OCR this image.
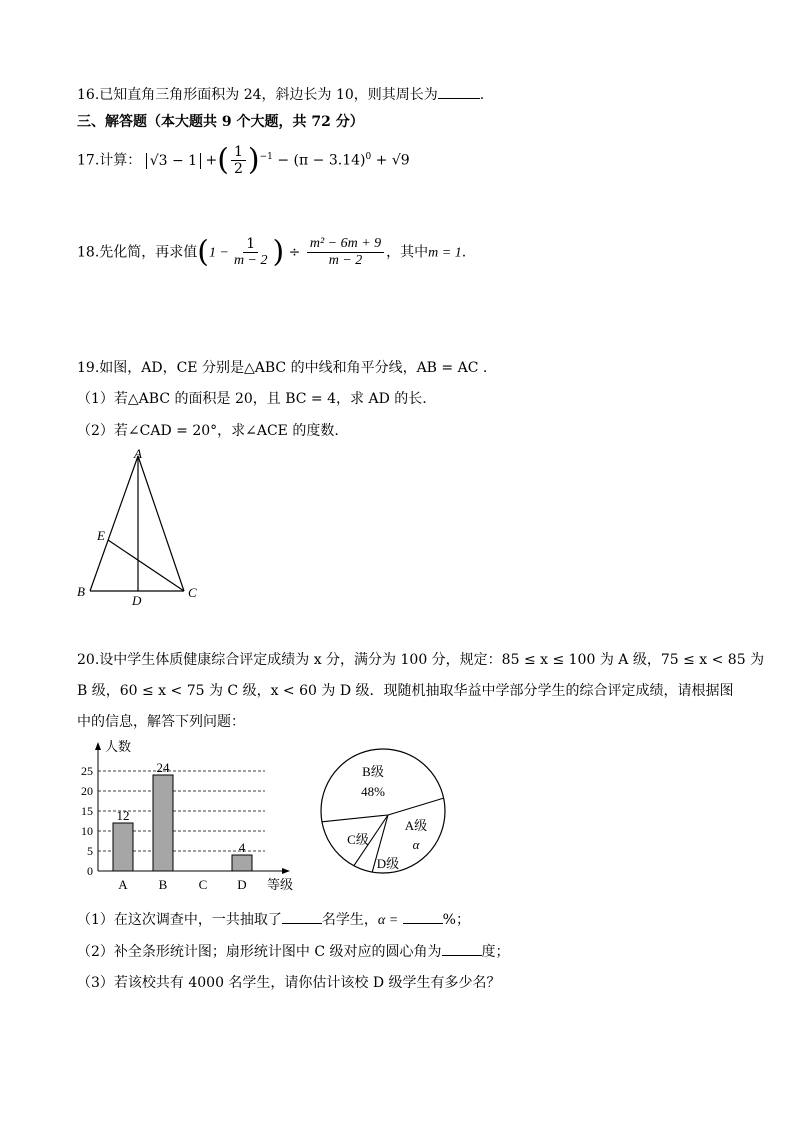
16.已知直角三角形面积为 24，斜边长为 10，则其周长为	.
三、解答题（本大题共 9 个大题，共 72 分）
17.计算： √3 − 1 +( $\frac{1}{2} )^{-1} - (\pi - 3.14)^0 + √9$
18.先化简，再求值($1 - \frac{1}{m - 2}$ ) ÷ $\frac{\text{m² − 6m + 9}}{m - 2}$ ，其中m = 1.
19.如图，AD，CE 分别是△ABC 的中线和角平分线，AB = AC .
（1）若△ABC 的面积是 20，且 BC = 4，求 AD 的长.
（2）若∠CAD = 20°，求∠ACE 的度数.
A
B	C
D
E
20.设中学生体质健康综合评定成绩为 x 分，满分为 100 分，规定：85 ≤ x ≤ 100 为 A 级，75 ≤ x < 85 为
B 级，60 ≤ x < 75 为 C 级，x < 60 为 D 级．现随机抽取华益中学部分学生的综合评定成绩，请根据图
中的信息，解答下列问题：
0
5
10
15
20
25
人数
等级
12
A
24
B C
4
D
B级
48%
A级
α
D级
C级
（1）在这次调查中，一共抽取了	名学生，α =	%；
（2）补全条形统计图；扇形统计图中 C 级对应的圆心角为	度；
（3）若该校共有 4000 名学生，请你估计该校 D 级学生有多少名？
